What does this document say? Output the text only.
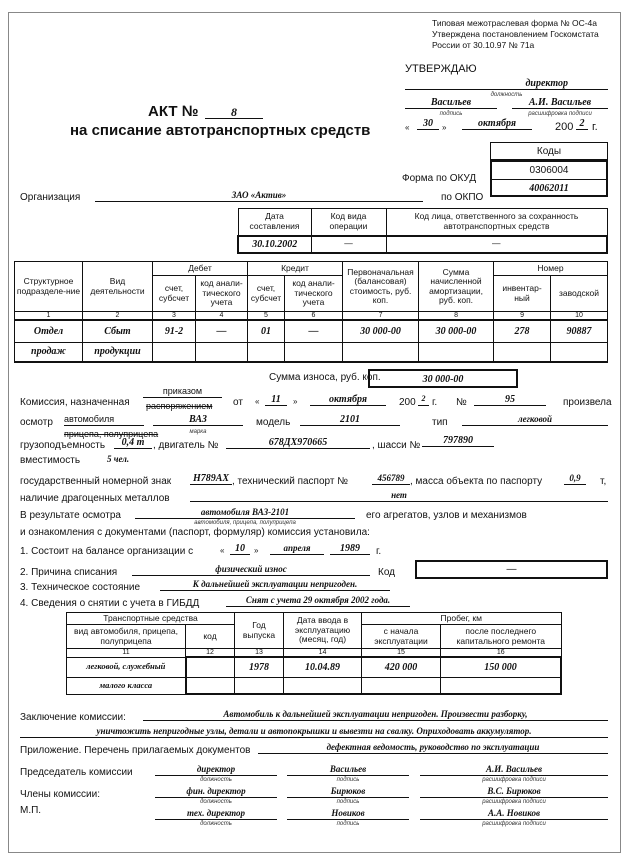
Типовая межотраслевая форма № ОС-4а
Утверждена постановлением Госкомстата
России от 30.10.97 № 71а
УТВЕРЖДАЮ
директор
должность
Васильев	А.И. Васильев
подпись	расшифровка подписи
«	30	»	октября	200 2 г.
АКТ №	8
на списание автотранспортных средств
Коды
0306004
40062011
Форма по ОКУД
по ОКПО
Организация	ЗАО «Актив»
Дата составления	Код вида операции	Код лица, ответственного за сохранность автотранспортных средств
30.10.2002	—	—
Структурное подразделе-ние	Вид деятельности	Дебет		Кредит		Первоначальная (балансовая) стоимость, руб. коп.	Сумма начисленной амортизации, руб. коп.	Номер	
		счет, субсчет	код анали-тического учета	счет, субсчет	код анали-тического учета			инвентар-ный	заводской
1	2	3	4	5	6	7	8	9	10
Отдел	Сбыт	91-2	—	01	—	30 000-00	30 000-00	278	90887
продаж	продукции								
Сумма износа, руб. коп.	30 000-00
Комиссия, назначенная
приказом
распоряжением от «	11	»	октября	200 2 г. №	95	произвела
осмотр автомобиля
прицепа, полуприцепа
ВАЗ
марка
модель	2101	тип	легковой
грузоподъемность	0,4 т , двигатель №	678ДХ970665	, шасси №	797890
вместимость	5 чел.
государственный номерной знак Н789АХ , технический паспорт №	456789 , масса объекта по паспорту	0,9	т,
наличие драгоценных металлов	нет
В результате осмотра	автомобиля ВАЗ-2101
автомобиля, прицепа, полуприцепа
его агрегатов, узлов и механизмов
и ознакомления с документами (паспорт, формуляр) комиссия установила:
1. Состоит на балансе организации с	«	10	»	апреля	1989	г.
2. Причина списания	физический износ	Код	—
3. Техническое состояние	К дальнейшей эксплуатации непригоден.
4. Сведения о снятии с учета в ГИБДД	Снят с учета 29 октября 2002 года.
Транспортные средства		Год выпуска	Дата ввода в эксплуатацию (месяц, год)	Пробег, км	
вид автомобиля, прицепа, полуприцепа	код			с начала эксплуатации	после последнего капитального ремонта
11	12	13	14	15	16
легковой, служебный		1978	10.04.89	420 000	150 000
малого класса					
Заключение комиссии:	Автомобиль к дальнейшей эксплуатации непригоден. Произвести разборку,
уничтожить непригодные узлы, детали и автопокрышки и вывезти на свалку. Оприходовать аккумулятор.
Приложение. Перечень прилагаемых документов	дефектная ведомость, руководство по эксплуатации
Председатель комиссии
Члены комиссии:
М.П.
директор	Васильев	А.И. Васильев
должность	подпись	расшифровка подписи
фин. директор	Бирюков	В.С. Бирюков
должность	подпись	расшифровка подписи
тех. директор	Новиков	А.А. Новиков
должность	подпись	расшифровка подписи
